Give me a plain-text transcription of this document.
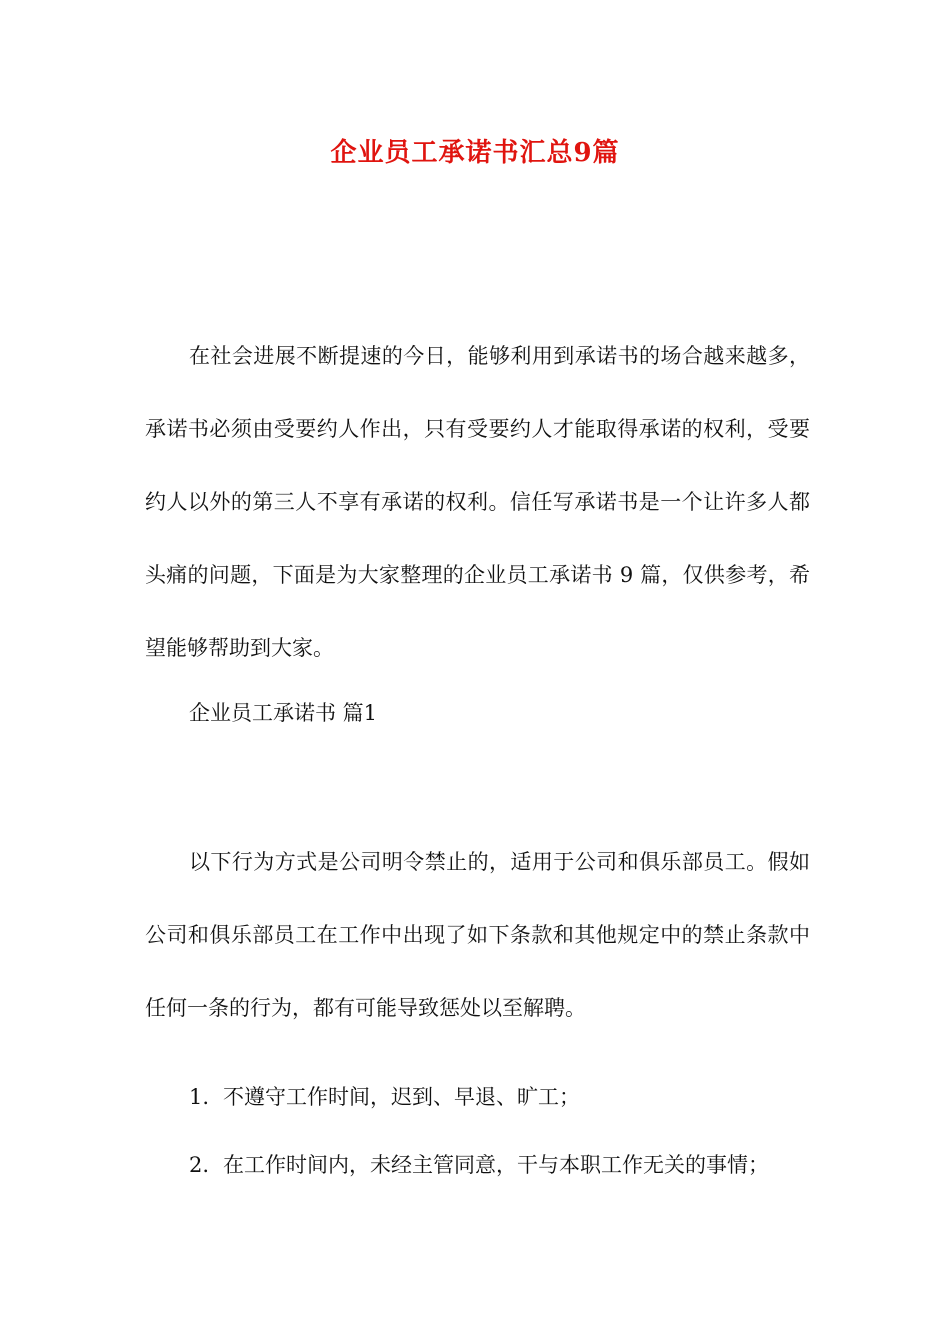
企业员工承诺书汇总9篇
在社会进展不断提速的今日，能够利用到承诺书的场合越来越多，承诺书必须由受要约人作出，只有受要约人才能取得承诺的权利，受要约人以外的第三人不享有承诺的权利。信任写承诺书是一个让许多人都头痛的问题，下面是为大家整理的企业员工承诺书 9 篇，仅供参考，希望能够帮助到大家。
企业员工承诺书 篇1
以下行为方式是公司明令禁止的，适用于公司和俱乐部员工。假如公司和俱乐部员工在工作中出现了如下条款和其他规定中的禁止条款中任何一条的行为，都有可能导致惩处以至解聘。
1. 不遵守工作时间，迟到、早退、旷工；
2. 在工作时间内，未经主管同意，干与本职工作无关的事情；
